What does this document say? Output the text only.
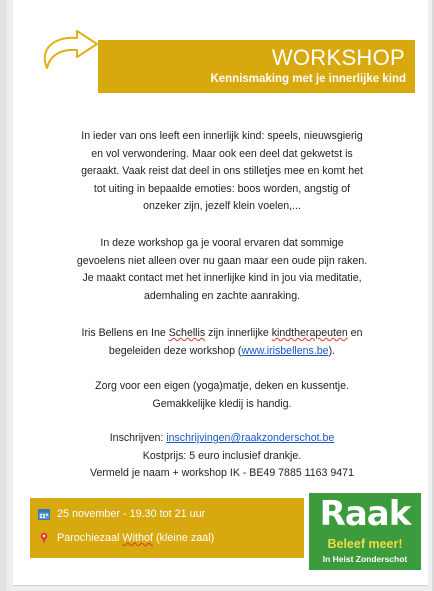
WORKSHOP
Kennismaking met je innerlijke kind
In ieder van ons leeft een innerlijk kind: speels, nieuwsgierig
en vol verwondering. Maar ook een deel dat gekwetst is
geraakt. Vaak reist dat deel in ons stilletjes mee en komt het
tot uiting in bepaalde emoties: boos worden, angstig of
onzeker zijn, jezelf klein voelen,...
In deze workshop ga je vooral ervaren dat sommige
gevoelens niet alleen over nu gaan maar een oude pijn raken.
Je maakt contact met het innerlijke kind in jou via meditatie,
ademhaling en zachte aanraking.
Iris Bellens en Ine Schellis zijn innerlijke kindtherapeuten en
begeleiden deze workshop (www.irisbellens.be).
Zorg voor een eigen (yoga)matje, deken en kussentje.
Gemakkelijke kledij is handig.
Inschrijven: inschrijvingen@raakzonderschot.be
Kostprijs: 5 euro inclusief drankje.
Vermeld je naam + workshop IK - BE49 7885 1163 9471
25 november - 19.30 tot 21 uur
Parochiezaal Withof (kleine zaal)
Raak
Beleef meer!
In Heist Zonderschot
